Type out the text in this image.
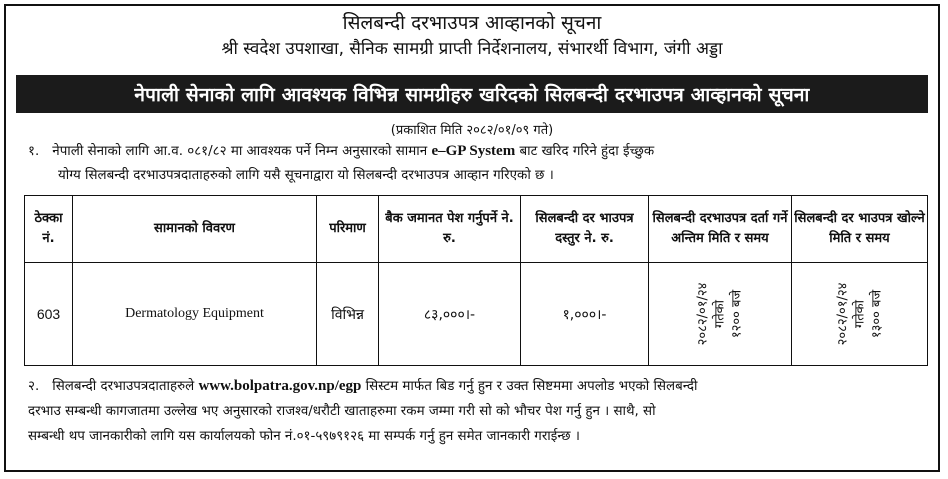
सिलबन्दी दरभाउपत्र आव्हानको सूचना
श्री स्वदेश उपशाखा, सैनिक सामग्री प्राप्ती निर्देशनालय, संभारर्थी विभाग, जंगी अड्डा
नेपाली सेनाको लागि आवश्यक विभिन्न सामग्रीहरु खरिदको सिलबन्दी दरभाउपत्र आव्हानको सूचना
(प्रकाशित मिति २०८२/०१/०९ गते)
१. नेपाली सेनाको लागि आ.व. ०८१/८२ मा आवश्यक पर्ने निम्न अनुसारको सामान e–GP System बाट खरिद गरिने हुंदा ईच्छुक
योग्य सिलबन्दी दरभाउपत्रदाताहरुको लागि यसै सूचनाद्वारा यो सिलबन्दी दरभाउपत्र आव्हान गरिएको छ ।
ठेक्का नं.	सामानको विवरण	परिमाण	बैक जमानत पेश गर्नुपर्ने ने. रु.	सिलबन्दी दर भाउपत्र दस्तुर ने. रु.	सिलबन्दी दरभाउपत्र दर्ता गर्ने अन्तिम मिति र समय	सिलबन्दी दर भाउपत्र खोल्ने मिति र समय
603	Dermatology Equipment	विभिन्न	८३,०००।-	१,०००।-	२०८२/०१/२४ गतेको १२०० बजे	२०८२/०१/२४ गतेको १३०० बजे
२. सिलबन्दी दरभाउपत्रदाताहरुले www.bolpatra.gov.np/egp सिस्टम मार्फत बिड गर्नु हुन र उक्त सिष्टममा अपलोड भएको सिलबन्दी
दरभाउ सम्बन्धी कागजातमा उल्लेख भए अनुसारको राजश्व/धरौटी खाताहरुमा रकम जम्मा गरी सो को भौचर पेश गर्नु हुन । साथै, सो
सम्बन्धी थप जानकारीको लागि यस कार्यालयको फोन नं.०१-५९७९१२६ मा सम्पर्क गर्नु हुन समेत जानकारी गराईन्छ ।
